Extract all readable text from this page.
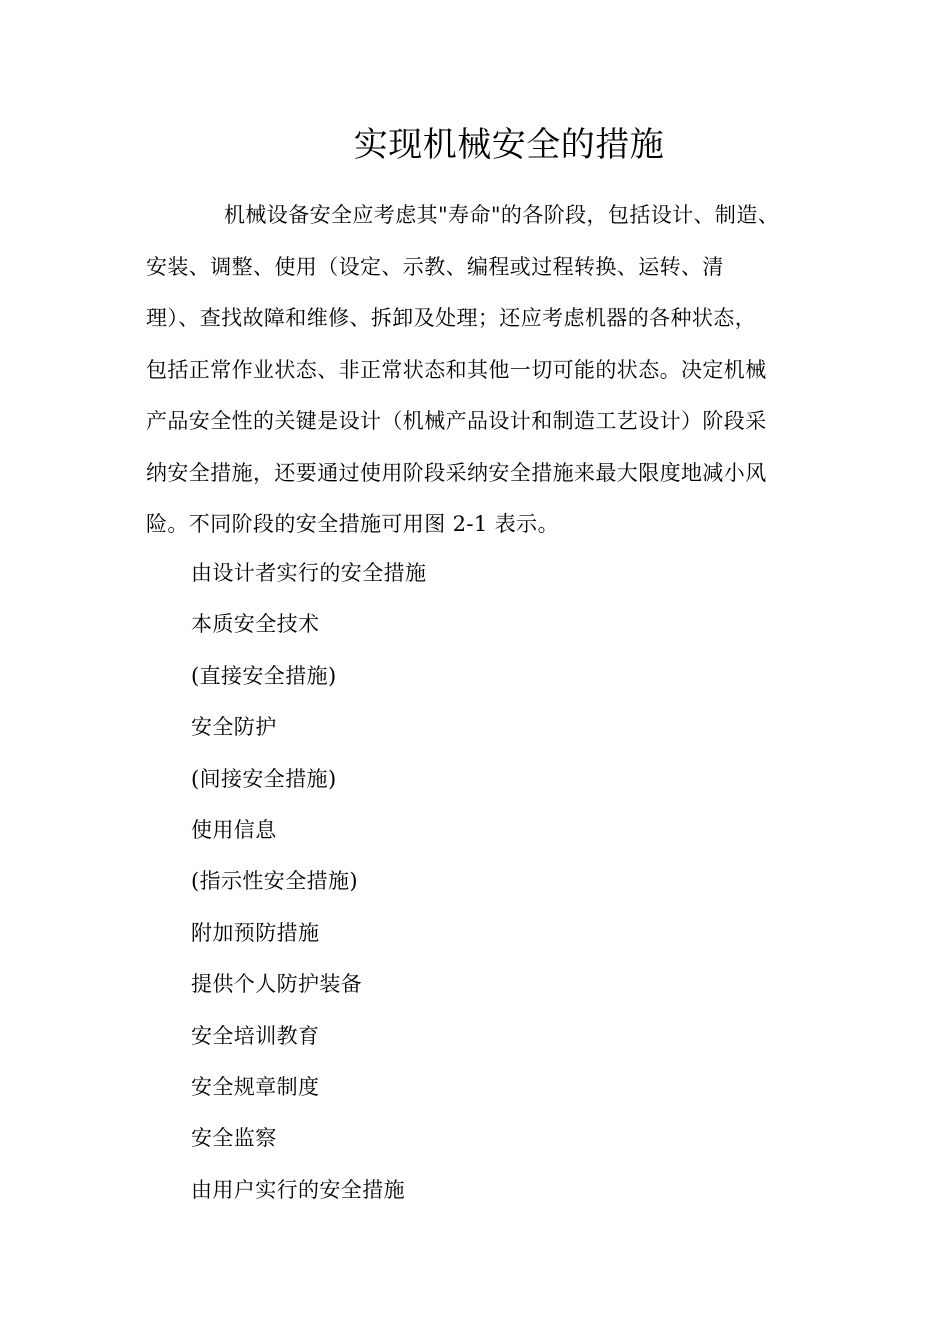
实现机械安全的措施
机械设备安全应考虑其"寿命"的各阶段，包括设计、制造、
安装、调整、使用（设定、示教、编程或过程转换、运转、清
理）、查找故障和维修、拆卸及处理；还应考虑机器的各种状态，
包括正常作业状态、非正常状态和其他一切可能的状态。决定机械
产品安全性的关键是设计（机械产品设计和制造工艺设计）阶段采
纳安全措施，还要通过使用阶段采纳安全措施来最大限度地减小风
险。不同阶段的安全措施可用图 2-1 表示。
由设计者实行的安全措施
本质安全技术
(直接安全措施)
安全防护
(间接安全措施)
使用信息
(指示性安全措施)
附加预防措施
提供个人防护装备
安全培训教育
安全规章制度
安全监察
由用户实行的安全措施
